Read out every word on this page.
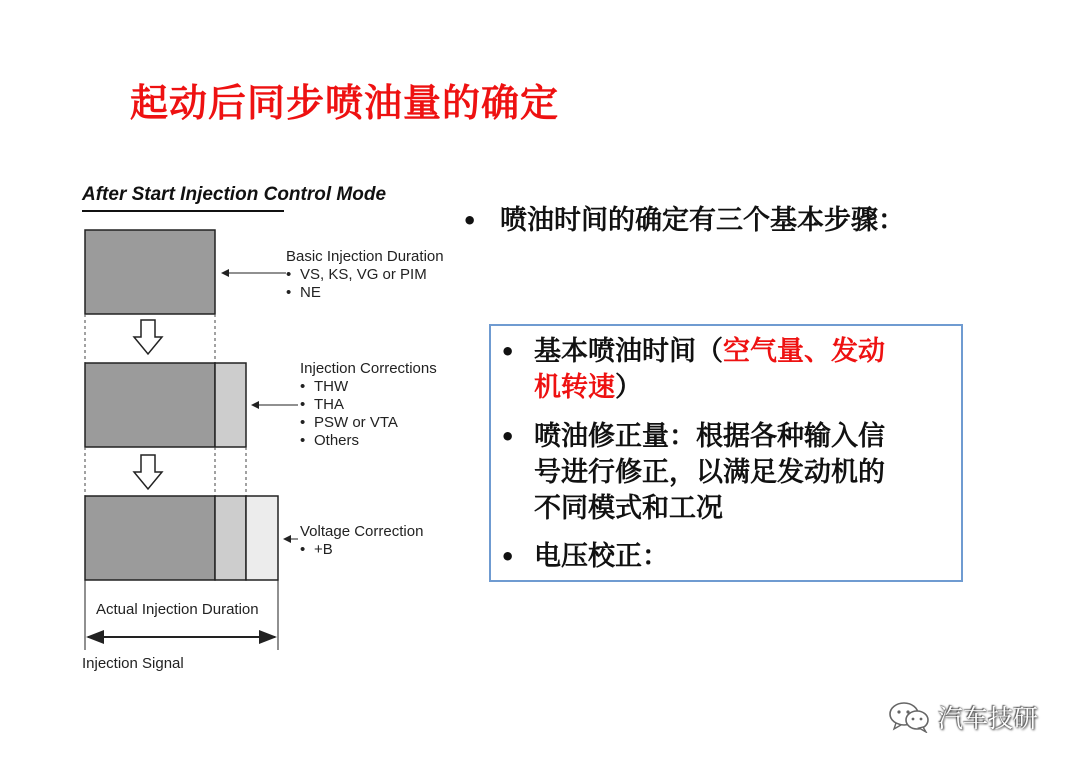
起动后同步喷油量的确定
After Start Injection Control Mode
Basic Injection Duration
• VS, KS, VG or PIM
• NE
Injection Corrections
• THW
• THA
• PSW or VTA
• Others
Voltage Correction
• +B
Actual Injection Duration
Injection Signal
• 喷油时间的确定有三个基本步骤：
• 基本喷油时间（空气量、发动
机转速）
• 喷油修正量：根据各种输入信
号进行修正，以满足发动机的
不同模式和工况
• 电压校正：
汽车技研
